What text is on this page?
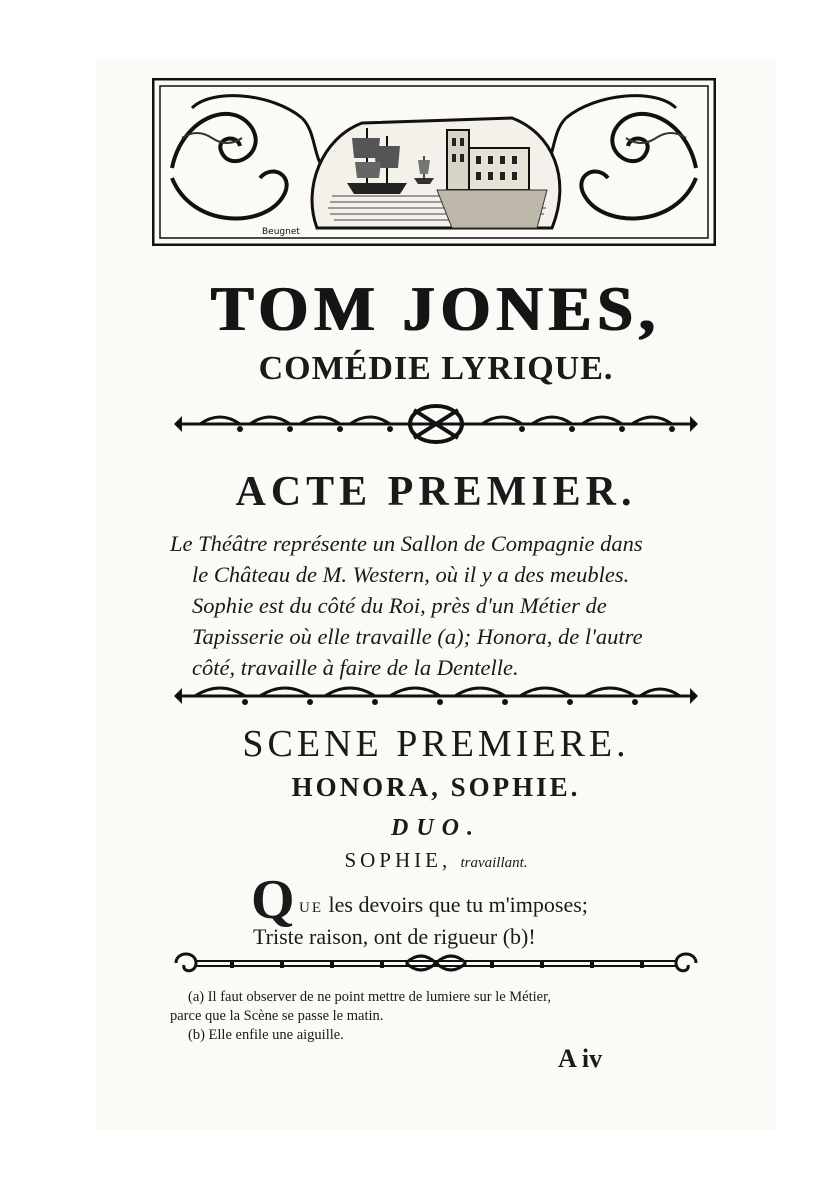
Beugnet
TOM JONES,
COMÉDIE LYRIQUE.
ACTE PREMIER.
Le Théâtre représente un Sallon de Compagnie dans
le Château de M. Western, où il y a des meubles.
Sophie est du côté du Roi, près d'un Métier de
Tapisserie où elle travaille (a); Honora, de l'autre
côté, travaille à faire de la Dentelle.
SCENE PREMIERE.
HONORA, SOPHIE.
DUO.
SOPHIE, travaillant.
Q UE les devoirs que tu m'imposes;
Triste raison, ont de rigueur (b)!
(a) Il faut observer de ne point mettre de lumiere sur le Métier,
parce que la Scène se passe le matin.
(b) Elle enfile une aiguille.
A iv
